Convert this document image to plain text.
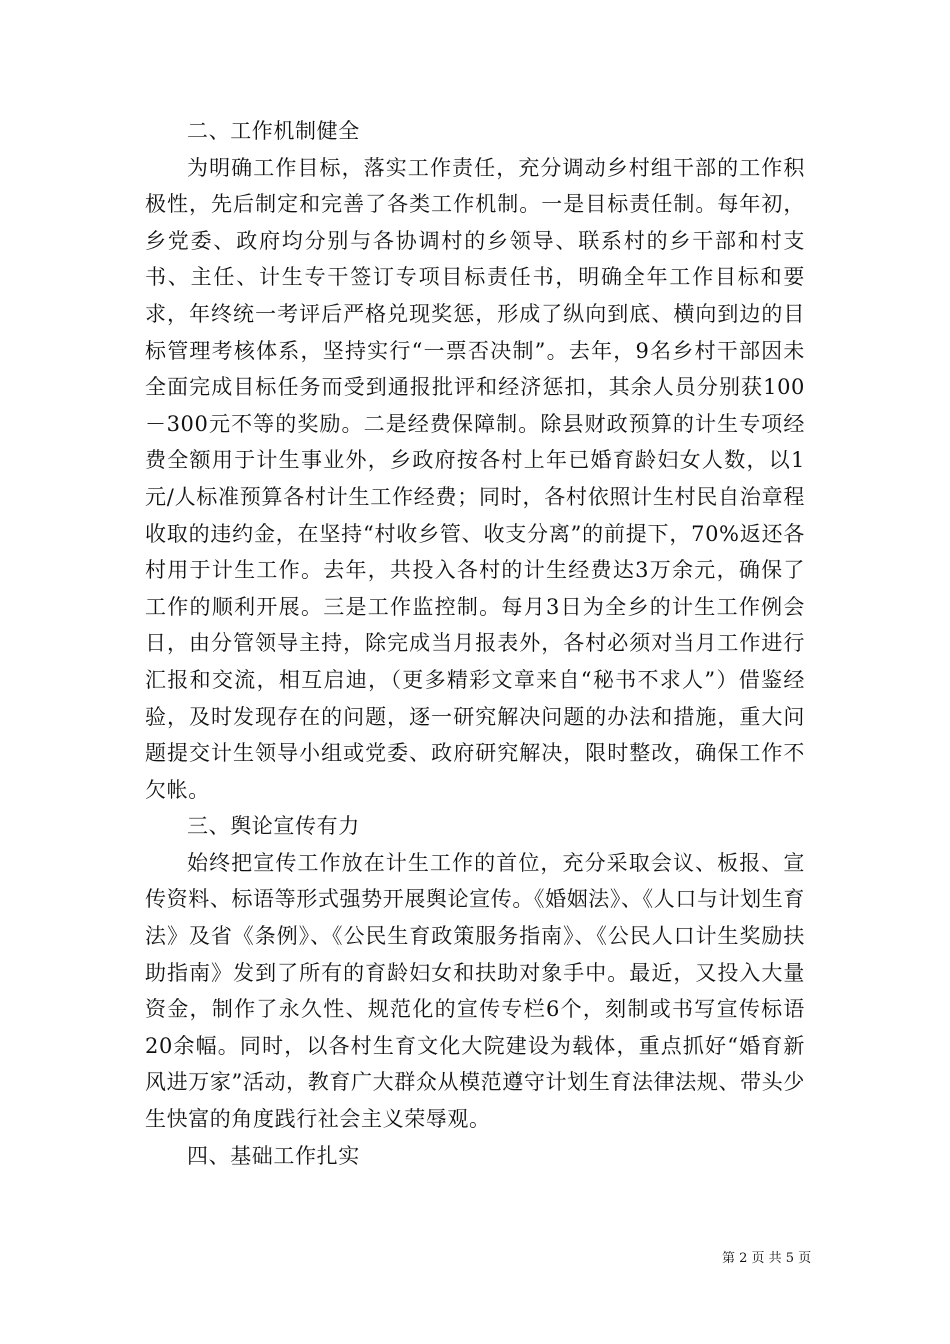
二、工作机制健全

为明确工作目标，落实工作责任，充分调动乡村组干部的工作积极性，先后制定和完善了各类工作机制。一是目标责任制。每年初，乡党委、政府均分别与各协调村的乡领导、联系村的乡干部和村支书、主任、计生专干签订专项目标责任书，明确全年工作目标和要求，年终统一考评后严格兑现奖惩，形成了纵向到底、横向到边的目标管理考核体系，坚持实行“一票否决制”。去年，9名乡村干部因未全面完成目标任务而受到通报批评和经济惩扣，其余人员分别获100－300元不等的奖励。二是经费保障制。除县财政预算的计生专项经费全额用于计生事业外，乡政府按各村上年已婚育龄妇女人数，以1元/人标准预算各村计生工作经费；同时，各村依照计生村民自治章程收取的违约金，在坚持“村收乡管、收支分离”的前提下，70%返还各村用于计生工作。去年，共投入各村的计生经费达3万余元，确保了工作的顺利开展。三是工作监控制。每月3日为全乡的计生工作例会日，由分管领导主持，除完成当月报表外，各村必须对当月工作进行汇报和交流，相互启迪，（更多精彩文章来自“秘书不求人”）借鉴经验，及时发现存在的问题，逐一研究解决问题的办法和措施，重大问题提交计生领导小组或党委、政府研究解决，限时整改，确保工作不欠帐。

三、舆论宣传有力

始终把宣传工作放在计生工作的首位，充分采取会议、板报、宣传资料、标语等形式强势开展舆论宣传。《婚姻法》、《人口与计划生育法》及省《条例》、《公民生育政策服务指南》、《公民人口计生奖励扶助指南》发到了所有的育龄妇女和扶助对象手中。最近，又投入大量资金，制作了永久性、规范化的宣传专栏6个，刻制或书写宣传标语20余幅。同时，以各村生育文化大院建设为载体，重点抓好“婚育新风进万家”活动，教育广大群众从模范遵守计划生育法律法规、带头少生快富的角度践行社会主义荣辱观。

四、基础工作扎实

第 2 页 共 5 页
